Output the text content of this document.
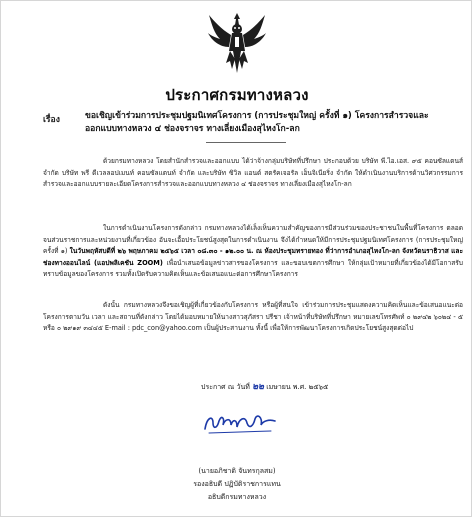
ประกาศกรมทางหลวง
เรื่อง	ขอเชิญเข้าร่วมการประชุมปฐมนิเทศโครงการ (การประชุมใหญ่ ครั้งที่ ๑) โครงการสำรวจและออกแบบทางหลวง ๔ ช่องจราจร ทางเลี่ยงเมืองสุไหงโก-ลก
ด้วยกรมทางหลวง โดยสำนักสำรวจและออกแบบ ได้ว่าจ้างกลุ่มบริษัทที่ปรึกษา ประกอบด้วย บริษัท พี.ไอ.เอส. ๙๕ คอนซัลแตนส์ จำกัด บริษัท พรี ดีเวลลอปเมนท์ คอนซัลแตนท์ จำกัด และบริษัท ซิวิล แอนด์ สตรัคเจอรัล เอ็นจิเนียริ่ง จำกัด ให้ดำเนินงานบริการด้านวิศวกรรมการสำรวจและออกแบบรายละเอียดโครงการสำรวจและออกแบบทางหลวง ๔ ช่องจราจร ทางเลี่ยงเมืองสุไหงโก-ลก
ในการดำเนินงานโครงการดังกล่าว กรมทางหลวงได้เล็งเห็นความสำคัญของการมีส่วนร่วมของประชาชนในพื้นที่โครงการ ตลอดจนส่วนราชการและหน่วยงานที่เกี่ยวข้อง อันจะเอื้อประโยชน์สูงสุดในการดำเนินงาน จึงได้กำหนดให้มีการประชุมปฐมนิเทศโครงการ (การประชุมใหญ่ ครั้งที่ ๑) ในวันพฤหัสบดีที่ ๒๖ พฤษภาคม ๒๕๖๕ เวลา ๐๘.๓๐ - ๑๒.๐๐ น. ณ ห้องประชุมทรายทอง ที่ว่าการอำเภอสุไหงโก-ลก จังหวัดนราธิวาส และช่องทางออนไลน์ (แอปพลิเคชัน ZOOM) เพื่อนำเสนอข้อมูลข่าวสารของโครงการ และขอบเขตการศึกษา ให้กลุ่มเป้าหมายที่เกี่ยวข้องได้มีโอกาสรับทราบข้อมูลของโครงการ รวมทั้งเปิดรับความคิดเห็นและข้อเสนอแนะต่อการศึกษาโครงการ
ดังนั้น กรมทางหลวงจึงขอเชิญผู้ที่เกี่ยวข้องกับโครงการ หรือผู้ที่สนใจ เข้าร่วมการประชุมแสดงความคิดเห็นและข้อเสนอแนะต่อโครงการตามวัน เวลา และสถานที่ดังกล่าว โดยได้มอบหมายให้นางสาวสุภัสรา ปรีชา เจ้าหน้าที่บริษัทที่ปรึกษา หมายเลขโทรศัพท์ ๐ ๒๙๔๒ ๖๐๒๔ - ๕ หรือ ๐ ๒๙๑๙ ๓๔๔๕ E-mail : pdc_con@yahoo.com เป็นผู้ประสานงาน ทั้งนี้ เพื่อให้การพัฒนาโครงการเกิดประโยชน์สูงสุดต่อไป
ประกาศ ณ วันที่ ๒๒ เมษายน พ.ศ. ๒๕๖๕
(นายอภิชาติ จันทรกุลสม)
รองอธิบดี ปฏิบัติราชการแทน
อธิบดีกรมทางหลวง
